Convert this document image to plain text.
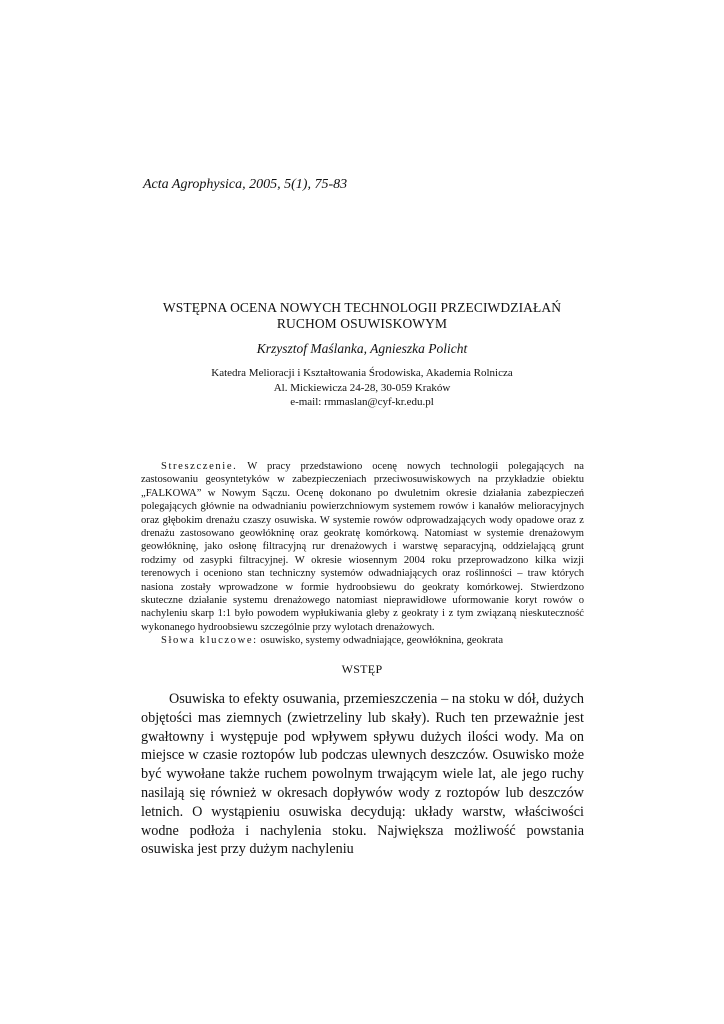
Acta Agrophysica, 2005, 5(1), 75-83
WSTĘPNA OCENA NOWYCH TECHNOLOGII PRZECIWDZIAŁAŃ
RUCHOM OSUWISKOWYM
Krzysztof Maślanka, Agnieszka Policht
Katedra Melioracji i Kształtowania Środowiska, Akademia Rolnicza
Al. Mickiewicza 24-28, 30-059 Kraków
e-mail: rmmaslan@cyf-kr.edu.pl

Streszczenie. W pracy przedstawiono ocenę nowych technologii polegających na zastosowaniu geosyntetyków w zabezpieczeniach przeciwosuwiskowych na przykładzie obiektu „FALKOWA” w Nowym Sączu. Ocenę dokonano po dwuletnim okresie działania zabezpieczeń polegających głównie na odwadnianiu powierzchniowym systemem rowów i kanałów melioracyjnych oraz głębokim drenażu czaszy osuwiska. W systemie rowów odprowadzających wody opadowe oraz z drenażu zastosowano geowłókninę oraz geokratę komórkową. Natomiast w systemie drenażowym geowłókninę, jako osłonę filtracyjną rur drenażowych i warstwę separacyjną, oddzielającą grunt rodzimy od zasypki filtracyjnej. W okresie wiosennym 2004 roku przeprowadzono kilka wizji terenowych i oceniono stan techniczny systemów odwadniających oraz roślinności – traw których nasiona zostały wprowadzone w formie hydroobsiewu do geokraty komórkowej. Stwierdzono skuteczne działanie systemu drenażowego natomiast nieprawidłowe uformowanie koryt rowów o nachyleniu skarp 1:1 było powodem wypłukiwania gleby z geokraty i z tym związaną nieskuteczność wykonanego hydroobsiewu szczególnie przy wylotach drenażowych.

Słowa kluczowe: osuwisko, systemy odwadniające, geowłóknina, geokrata

WSTĘP

Osuwiska to efekty osuwania, przemieszczenia – na stoku w dół, dużych objętości mas ziemnych (zwietrzeliny lub skały). Ruch ten przeważnie jest gwałtowny i występuje pod wpływem spływu dużych ilości wody. Ma on miejsce w czasie roztopów lub podczas ulewnych deszczów. Osuwisko może być wywołane także ruchem powolnym trwającym wiele lat, ale jego ruchy nasilają się również w okresach dopływów wody z roztopów lub deszczów letnich. O wystąpieniu osuwiska decydują: układy warstw, właściwości wodne podłoża i nachylenia stoku. Największa możliwość powstania osuwiska jest przy dużym nachyleniu
